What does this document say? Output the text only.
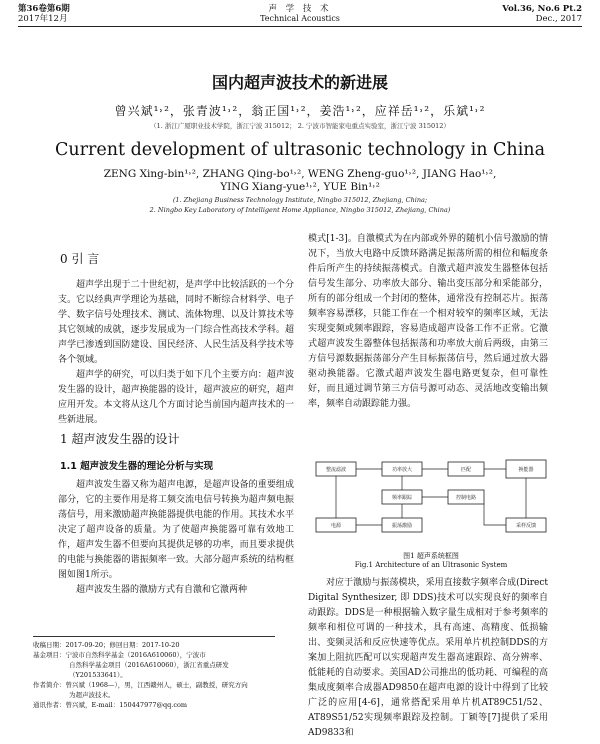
第36卷第6期
2017年12月
声 学 技 术
Technical Acoustics
Vol.36, No.6 Pt.2
Dec., 2017
国内超声波技术的新进展
曾兴斌¹˒²，张青波¹˒²，翁正国¹˒²，姜浩¹˒²，应祥岳¹˒²，乐斌¹˒²
（1. 浙江广厦职业技术学院，浙江宁波 315012； 2. 宁波市智能家电重点实验室，浙江宁波 315012）
Current development of ultrasonic technology in China
ZENG Xing-bin¹˒², ZHANG Qing-bo¹˒², WENG Zheng-guo¹˒², JIANG Hao¹˒², YING Xiang-yue¹˒², YUE Bin¹˒²
(1. Zhejiang Business Technology Institute, Ningbo 315012, Zhejiang, China;
2. Ningbo Key Laboratory of Intelligent Home Appliance, Ningbo 315012, Zhejiang, China)
0 引 言

超声学出现于二十世纪初，是声学中比较活跃的一个分支。它以经典声学理论为基础，同时不断综合材料学、电子学、数字信号处理技术、测试、流体物理、以及计算技术等其它领域的成就，逐步发展成为一门综合性高技术学科。超声学已渗透到国防建设、国民经济、人民生活及科学技术等各个领域。

超声学的研究，可以归类于如下几个主要方向：超声波发生器的设计，超声换能器的设计，超声波应的研究，超声应用开发。本文将从这几个方面讨论当前国内超声技术的一些新进展。

1 超声波发生器的设计
1.1 超声波发生器的理论分析与实现

超声波发生器又称为超声电源，是超声设备的重要组成部分，它的主要作用是将工频交流电信号转换为超声频电振荡信号，用来激励超声换能器提供电能的作用。其技术水平决定了超声设备的质量。为了使超声换能器可靠有效地工作，超声发生器不但要向其提供足够的功率，而且要求提供的电能与换能器的谐振频率一致。大部分超声系统的结构框图如图1所示。

超声波发生器的激励方式有自激和它激两种

收稿日期：2017-09-20；修回日期：2017-10-20
基金项目：宁波市自然科学基金（2016A610060），宁波市
自然科学基金项目（2016A610060），浙江省重点研发
（Y201533641）。
作者简介：曾兴斌（1968—），男，江西赣州人，硕士，副教授，研究方向
为超声波技术。
通讯作者：曾兴斌，E-mail：150447977@qq.com

模式[1-3]。自激模式为在内部或外界的随机小信号激励的情况下，当放大电路中反馈环路满足振荡所需的相位和幅度条件后所产生的持续振荡模式。自激式超声波发生器整体包括信号发生部分、功率放大部分、输出变压部分和采能部分，所有的部分组成一个封闭的整体，通常没有控制芯片。振荡频率容易漂移，只能工作在一个相对较窄的频率区域，无法实现变频或频率跟踪，容易造成超声设备工作不正常。它激式超声波发生器整体包括振荡和功率放大前后两级，由第三方信号源数据振荡部分产生目标振荡信号，然后通过放大器驱动换能器。它激式超声波发生器电路更复杂，但可靠性好，而且通过调节第三方信号源可动态、灵活地改变输出频率，频率自动跟踪能力强。

整流滤波	功率放大	匹配	换能器
频率跟踪	控制电路
振荡激励
电源	采样反馈
图1 超声系统框图
Fig.1 Architecture of an Ultrasonic System

对应于激励与振荡模块，采用直接数字频率合成(Direct Digital Synthesizer, 即 DDS)技术可以实现良好的频率自动跟踪。DDS是一种根据输入数字量生成相对于参考频率的频率和相位可调的一种技术，具有高速、高精度、低损输出、变频灵活和反应快速等优点。采用单片机控制DDS的方案加上阻抗匹配可以实现超声发生器高速跟踪、高分辨率、低能耗的自动要求。美国AD公司推出的低功耗、可编程的高集成度频率合成器AD9850在超声电源的设计中得到了比较广泛的应用[4-6]，通常搭配采用单片机AT89C51/52、AT89S51/52实现频率跟踪及控制。丁颖等[7]提供了采用AD9833和
